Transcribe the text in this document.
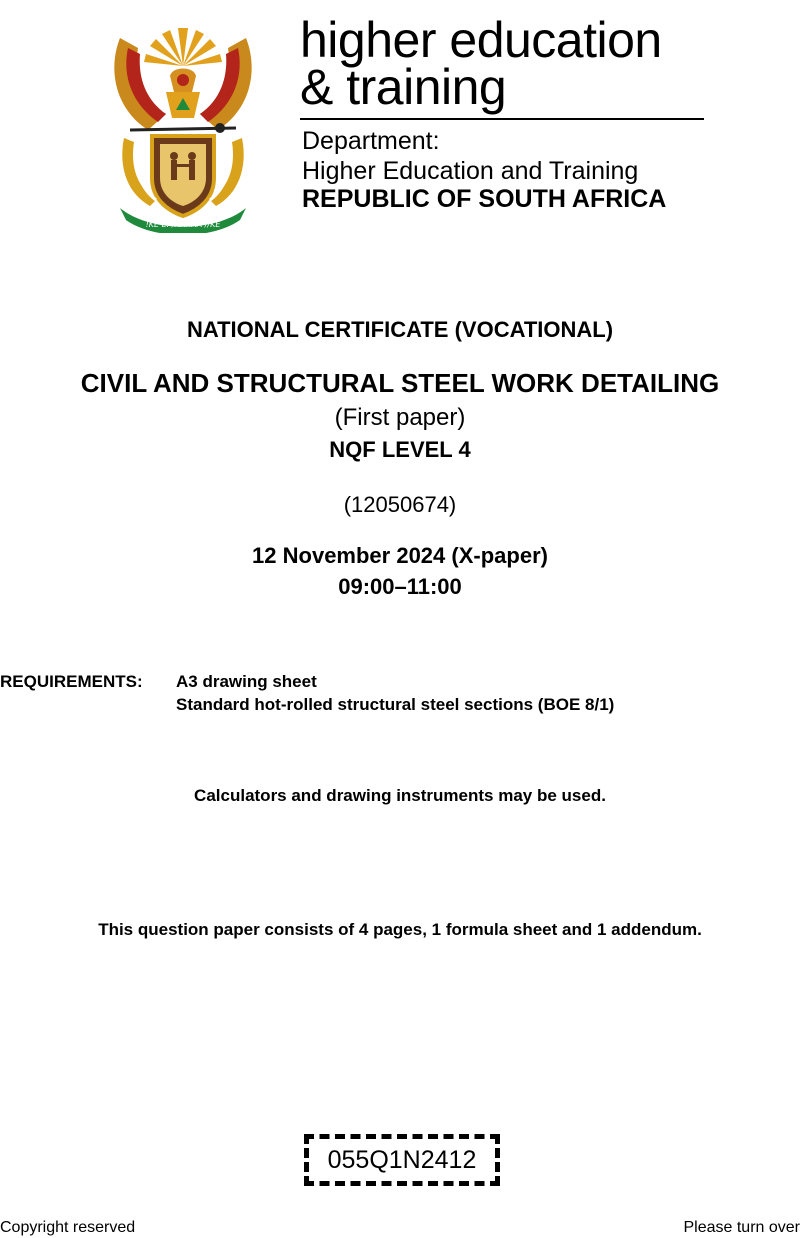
!KE E: /XARRA //KE
higher education
& training
Department:
Higher Education and Training
REPUBLIC OF SOUTH AFRICA
NATIONAL CERTIFICATE (VOCATIONAL)
CIVIL AND STRUCTURAL STEEL WORK DETAILING
(First paper)
NQF LEVEL 4
(12050674)
12 November 2024 (X-paper)
09:00–11:00
REQUIREMENTS: A3 drawing sheet
Standard hot-rolled structural steel sections (BOE 8/1)
Calculators and drawing instruments may be used.
This question paper consists of 4 pages, 1 formula sheet and 1 addendum.
055Q1N2412
Copyright reserved	Please turn over
